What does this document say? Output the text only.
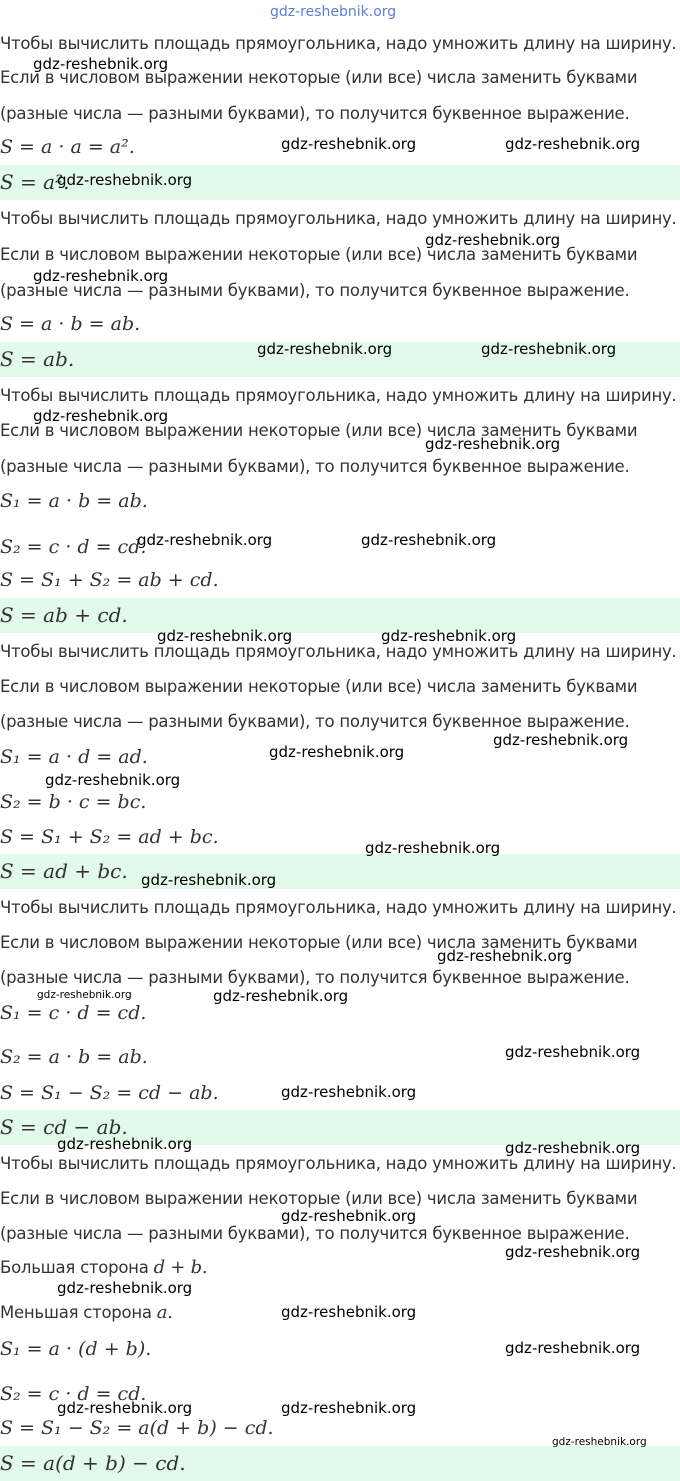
gdz-reshebnik.org
Чтобы вычислить площадь прямоугольника, надо умножить длину на ширину.
Если в числовом выражении некоторые (или все) числа заменить буквами
(разные числа — разными буквами), то получится буквенное выражение.
S = a · a = a².
S = a².
Чтобы вычислить площадь прямоугольника, надо умножить длину на ширину.
Если в числовом выражении некоторые (или все) числа заменить буквами
(разные числа — разными буквами), то получится буквенное выражение.
S = a · b = ab.
S = ab.
Чтобы вычислить площадь прямоугольника, надо умножить длину на ширину.
Если в числовом выражении некоторые (или все) числа заменить буквами
(разные числа — разными буквами), то получится буквенное выражение.
S₁ = a · b = ab.
S₂ = c · d = cd.
S = S₁ + S₂ = ab + cd.
S = ab + cd.
Чтобы вычислить площадь прямоугольника, надо умножить длину на ширину.
Если в числовом выражении некоторые (или все) числа заменить буквами
(разные числа — разными буквами), то получится буквенное выражение.
S₁ = a · d = ad.
S₂ = b · c = bc.
S = S₁ + S₂ = ad + bc.
S = ad + bc.
Чтобы вычислить площадь прямоугольника, надо умножить длину на ширину.
Если в числовом выражении некоторые (или все) числа заменить буквами
(разные числа — разными буквами), то получится буквенное выражение.
S₁ = c · d = cd.
S₂ = a · b = ab.
S = S₁ − S₂ = cd − ab.
S = cd − ab.
Чтобы вычислить площадь прямоугольника, надо умножить длину на ширину.
Если в числовом выражении некоторые (или все) числа заменить буквами
(разные числа — разными буквами), то получится буквенное выражение.
Большая сторона d + b.
Меньшая сторона a.
S₁ = a · (d + b).
S₂ = c · d = cd.
S = S₁ − S₂ = a(d + b) − cd.
S = a(d + b) − cd.
gdz-reshebnik.org
gdz-reshebnik.org	gdz-reshebnik.org
gdz-reshebnik.org
gdz-reshebnik.org
gdz-reshebnik.org
gdz-reshebnik.org	gdz-reshebnik.org
gdz-reshebnik.org
gdz-reshebnik.org
gdz-reshebnik.org	gdz-reshebnik.org
gdz-reshebnik.org	gdz-reshebnik.org
gdz-reshebnik.org
gdz-reshebnik.org
gdz-reshebnik.org
gdz-reshebnik.org
gdz-reshebnik.org
gdz-reshebnik.org
gdz-reshebnik.org	gdz-reshebnik.org
gdz-reshebnik.org
gdz-reshebnik.org
gdz-reshebnik.org	gdz-reshebnik.org
gdz-reshebnik.org
gdz-reshebnik.org
gdz-reshebnik.org
gdz-reshebnik.org
gdz-reshebnik.org
gdz-reshebnik.org	gdz-reshebnik.org
gdz-reshebnik.org
